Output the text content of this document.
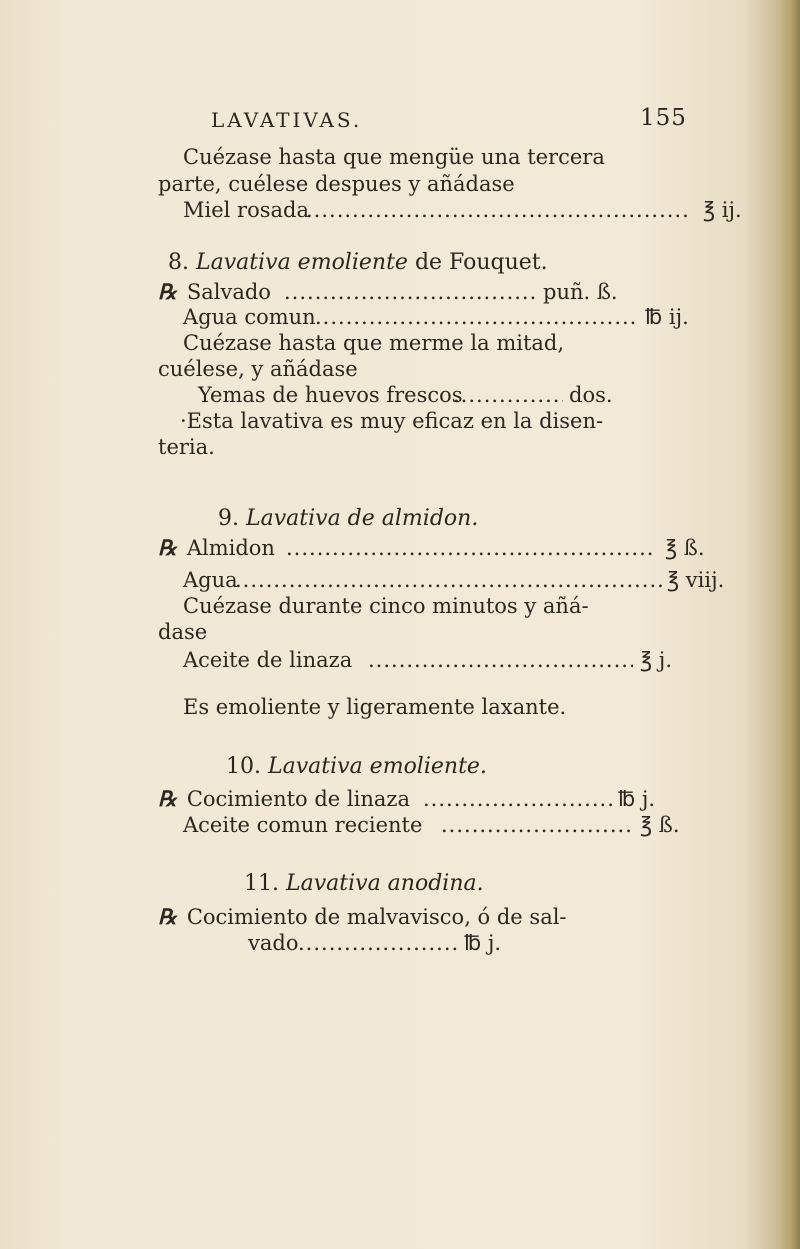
LAVATIVAS.	155
Cuézase hasta que mengüe una tercera
parte, cuélese despues y añádase
Miel rosada .....	℥ ij.
8. Lavativa emoliente de Fouquet.
℞ Salvado .....	puñ. ß.
Agua comun .....	℔ ij.
Cuézase hasta que merme la mitad,
cuélese, y añádase
Yemas de huevos frescos .....	dos.
·Esta lavativa es muy eficaz en la disen-
teria.
9. Lavativa de almidon.
℞ Almidon .....	℥ ß.
Agua .....	℥ viij.
Cuézase durante cinco minutos y añá-
dase
Aceite de linaza .....	℥ j.
Es emoliente y ligeramente laxante.
10. Lavativa emoliente.
℞ Cocimiento de linaza .....	℔ j.
Aceite comun reciente .....	℥ ß.
11. Lavativa anodina.
℞ Cocimiento de malvavisco, ó de sal-
vado .....	℔ j.
